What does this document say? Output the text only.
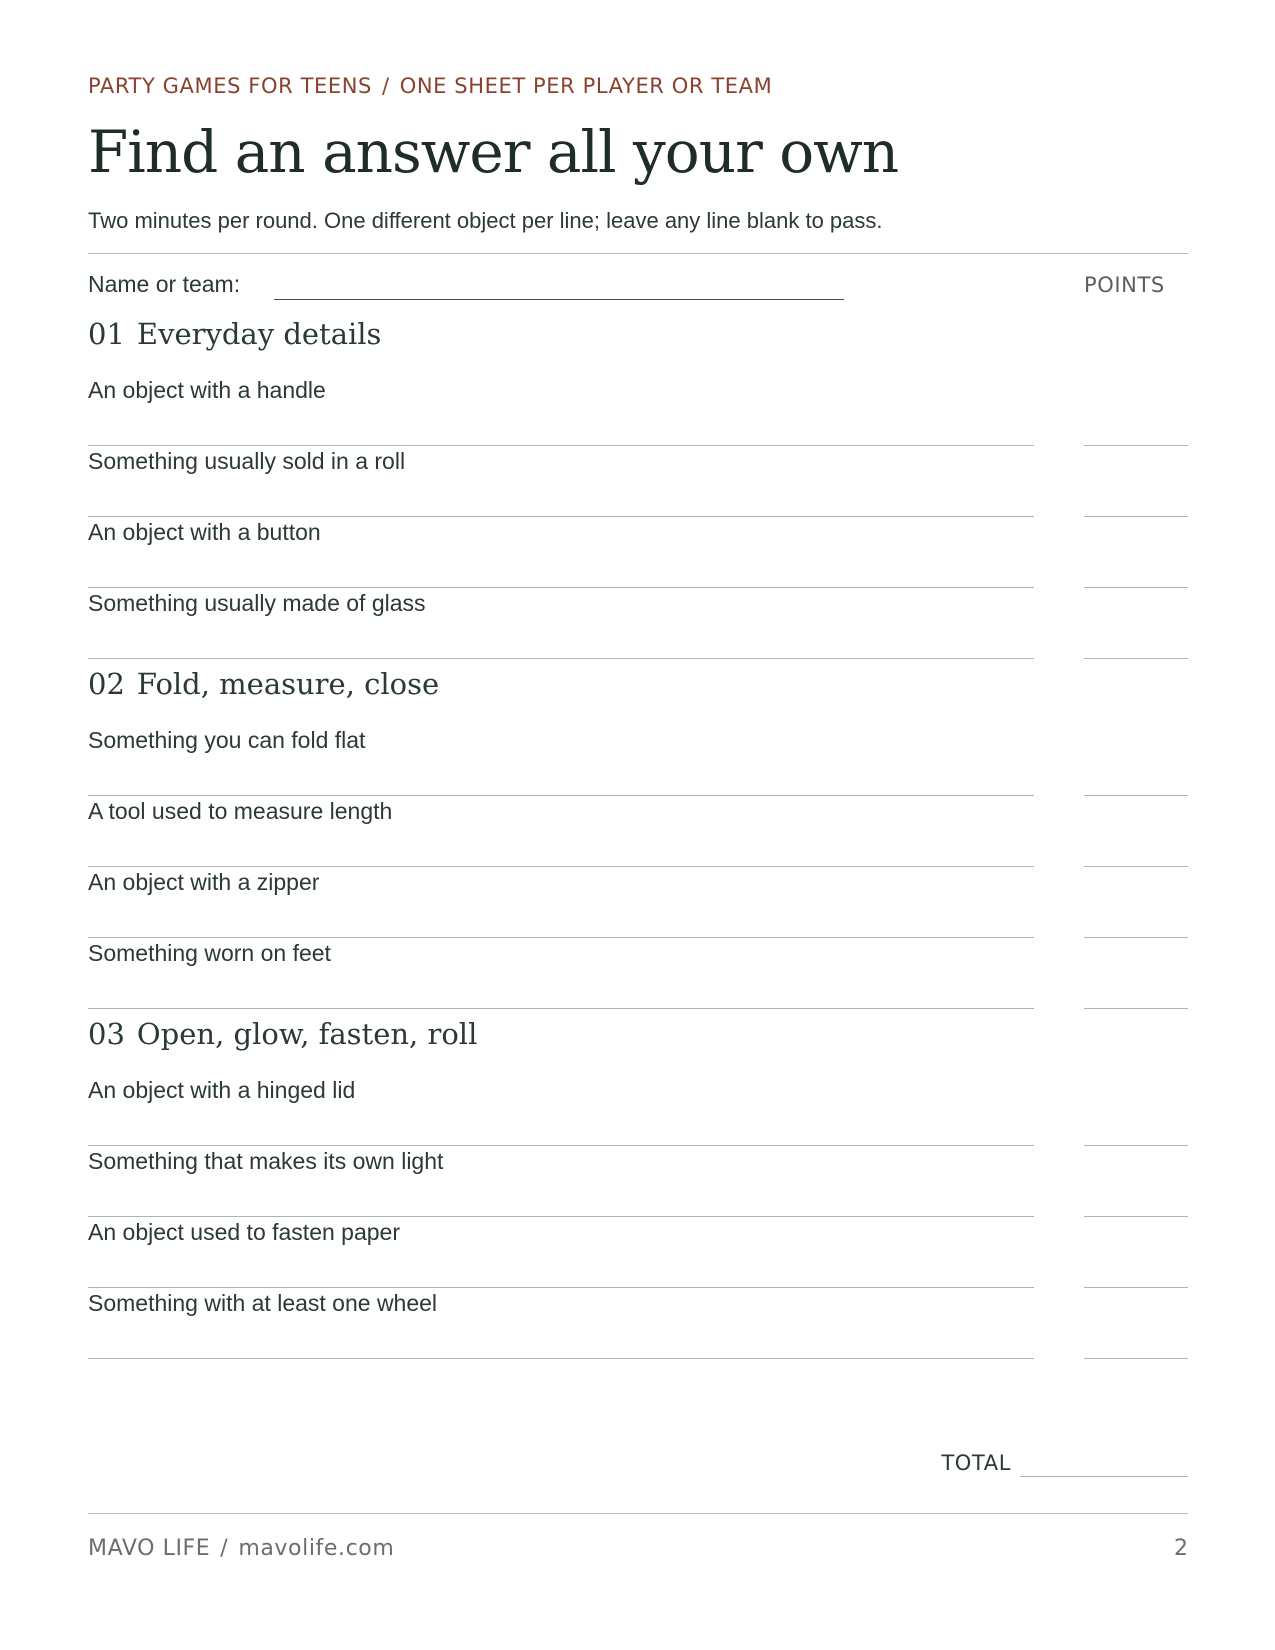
PARTY GAMES FOR TEENS / ONE SHEET PER PLAYER OR TEAM
Find an answer all your own
Two minutes per round. One different object per line; leave any line blank to pass.
Name or team:	POINTS
01 Everyday details
An object with a handle
Something usually sold in a roll
An object with a button
Something usually made of glass
02 Fold, measure, close
Something you can fold flat
A tool used to measure length
An object with a zipper
Something worn on feet
03 Open, glow, fasten, roll
An object with a hinged lid
Something that makes its own light
An object used to fasten paper
Something with at least one wheel
TOTAL
MAVO LIFE / mavolife.com	2
